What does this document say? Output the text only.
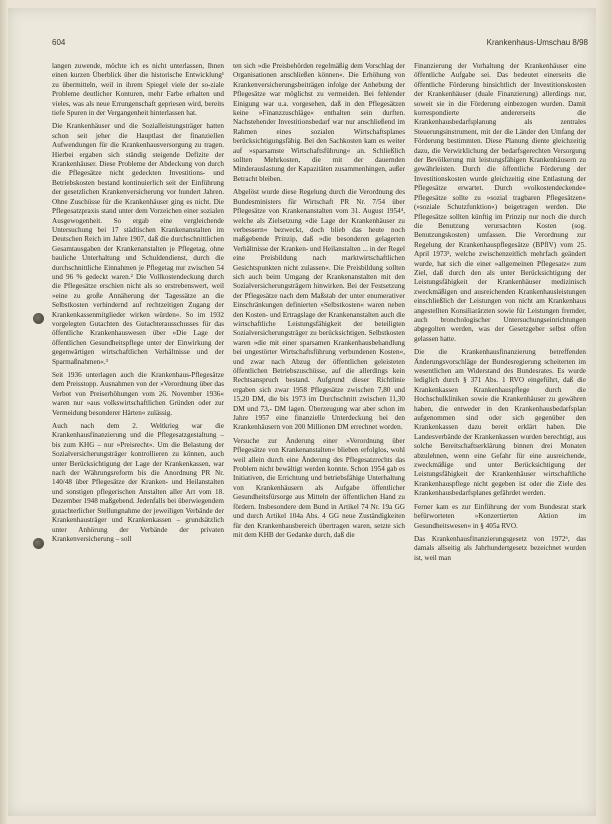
604	Krankenhaus-Umschau 8/98

langen zuwende, möchte ich es nicht unterlassen, Ihnen einen kurzen Überblick über die historische Entwicklung¹ zu übermitteln, weil in ihrem Spiegel viele der so-ziale Probleme deutlicher Konturen, mehr Farbe erhalten und vieles, was als neue Errungenschaft gepriesen wird, bereits tiefe Spuren in der Vergangenheit hinterlassen hat.

Die Krankenhäuser und die Sozialleistungsträger hatten schon seit jeher die Hauptlast der finanziellen Aufwendungen für die Krankenhausversorgung zu tragen. Hierbei ergaben sich ständig steigende Defizite der Krankenhäuser. Diese Probleme der Abdeckung von durch die Pflegesätze nicht gedeckten Investitions- und Betriebskosten bestand kontinuierlich seit der Einführung der gesetzlichen Krankenversicherung vor hundert Jahren. Ohne Zuschüsse für die Krankenhäuser ging es nicht. Die Pflegesatzpraxis stand unter dem Vorzeichen einer sozialen Ausgewogenheit. So ergab eine vergleichende Untersuchung bei 17 städtischen Krankenanstalten im Deutschen Reich im Jahre 1907, daß die durchschnittlichen Gesamtausgaben der Krankenanstalten je Pflegetag, ohne bauliche Unterhaltung und Schuldendienst, durch die durchschnittliche Einnahmen je Pflegetag nur zwischen 54 und 96 % gedeckt waren.² Die Vollkostendeckung durch die Pflegesätze erschien nicht als so erstrebenswert, weil »eine zu große Annäherung der Tagessätze an die Selbstkosten verhindernd auf rechtzeitigen Zugang der Krankenkassenmitglieder wirken würden«. So im 1932 vorgelegten Gutachten des Gutachterausschusses für das öffentliche Krankenhauswesen über »Die Lage der öffentlichen Gesundheitspflege unter der Einwirkung der gegenwärtigen wirtschaftlichen Verhältnisse und der Sparmaßnahmen«.³

Seit 1936 unterlagen auch die Krankenhaus-Pflegesätze dem Preisstopp. Ausnahmen von der »Verordnung über das Verbot von Preiserhöhungen vom 26. November 1936« waren nur »aus volkswirtschaftlichen Gründen oder zur Vermeidung besonderer Härten« zulässig.

Auch nach dem 2. Weltkrieg war die Krankenhausfinanzierung und die Pflegesatzgestaltung – bis zum KHG – nur »Preisrecht«. Um die Belastung der Sozialversicherungsträger kontrollieren zu können, auch unter Berücksichtigung der Lage der Krankenkassen, war nach der Währungsreform bis die Anordnung PR Nr. 140/48 über Pflegesätze der Kranken- und Heilanstalten und sonstigen pflegerischen Anstalten aller Art vom 18. Dezember 1948 maßgebend. Jedenfalls bei überwiegendem gutachterlicher Stellungnahme der jeweiligen Verbände der Krankenhausträger und Krankenkassen – grundsätzlich unter Anhörung der Verbände der privaten Krankenversicherung – soll

ten sich »die Preisbehörden regelmäßig dem Vorschlag der Organisationen anschließen können«. Die Erhöhung von Krankenversicherungsbeiträgen infolge der Anhebung der Pflegesätze war möglichst zu vermeiden. Bei fehlender Einigung war u.a. vorgesehen, daß in den Pflegesätzen keine »Finanzzuschläge« enthalten sein durften. Nachstehender Investitionsbedarf war nur anschließend im Rahmen eines sozialen Wirtschaftsplanes berücksichtigungsfähig. Bei den Sachkosten kam es weiter auf »sparsamste Wirtschaftsführung« an. Schließlich sollten Mehrkosten, die mit der dauernden Minderauslastung der Kapazitäten zusammenhingen, außer Betracht bleiben.

Abgelöst wurde diese Regelung durch die Verordnung des Bundesministers für Wirtschaft PR Nr. 7/54 über Pflegesätze von Krankenanstalten vom 31. August 1954⁴, welche als Zielsetzung »die Lage der Krankenhäuser zu verbessern« bezweckt, doch blieb das heute noch maßgebende Prinzip, daß »die besonderen gelagerten Verhältnisse der Kranken- und Heilanstalten ... in der Regel eine Preisbildung nach marktwirtschaftlichen Gesichtspunkten nicht zulassen«. Die Preisbildung sollten sich auch beim Umgang der Krankenanstalten mit den Sozialversicherungsträgern hinwirken. Bei der Festsetzung der Pflegesätze nach dem Maßstab der unter enumerativer Einschränkungen definierten »Selbstkosten« waren neben den Kosten- und Ertragslage der Krankenanstalten auch die wirtschaftliche Leistungsfähigkeit der beteiligten Sozialversicherungsträger zu berücksichtigen. Selbstkosten waren »die mit einer sparsamen Krankenhausbehandlung bei ungestörter Wirtschaftsführung verbundenen Kosten«, und zwar nach Abzug der öffentlichen geleisteten öffentlichen Betriebszuschüsse, auf die allerdings kein Rechtsanspruch bestand. Aufgrund dieser Richtlinie ergaben sich zwar 1958 Pflegesätze zwischen 7,80 und 15,20 DM, die bis 1973 im Durchschnitt zwischen 11,30 DM und 73,- DM lagen. Überzeugung war aber schon im Jahre 1957 eine finanzielle Unterdeckung bei den Krankenhäusern von 200 Millionen DM errechnet worden.

Versuche zur Änderung einer »Verordnung über Pflegesätze von Krankenanstalten« blieben erfolglos, wohl weil allein durch eine Änderung des Pflegesatzrechts das Problem nicht bewältigt werden konnte. Schon 1954 gab es Initiativen, die Errichtung und betriebsfähige Unterhaltung von Krankenhäusern als Aufgabe öffentlicher Gesundheitsfürsorge aus Mitteln der öffentlichen Hand zu fördern. Insbesondere dem Bund in Artikel 74 Nr. 19a GG und durch Artikel 104a Abs. 4 GG neue Zuständigkeiten für den Krankenhausbereich übertragen waren, setzte sich mit dem KHB der Gedanke durch, daß die

Finanzierung der Vorhaltung der Krankenhäuser eine öffentliche Aufgabe sei. Das bedeutet einerseits die öffentliche Förderung hinsichtlich der Investitionskosten der Krankenhäuser (duale Finanzierung) allerdings nur, soweit sie in die Förderung einbezogen wurden. Damit korrespondierte andererseits die Krankenhausbedarfsplanung als zentrales Steuerungsinstrument, mit der die Länder den Umfang der Förderung bestimmten. Diese Planung diente gleichzeitig dazu, die Verwirklichung der bedarfsgerechten Versorgung der Bevölkerung mit leistungsfähigen Krankenhäusern zu gewährleisten. Durch die öffentliche Förderung der Investitionskosten wurde gleichzeitig eine Entlastung der Pflegesätze erwartet. Durch »volkostendeckende« Pflegesätze sollte zu »sozial tragbaren Pflegesätzen« (»soziale Schutzfunktion«) beigetragen werden. Die Pflegesätze sollten künftig im Prinzip nur noch die durch die Benutzung verursachten Kosten (sog. Benutzungskosten) umfassen. Die Verordnung zur Regelung der Krankenhauspflegesätze (BPflV) vom 25. April 1973⁵, welche zwischenzeitlich mehrfach geändert wurde, hat sich die einer »allgemeinen Pflegesatz« zum Ziel, daß durch den als unter Berücksichtigung der Leistungsfähigkeit der Krankenhäuser medizinisch zweckmäßigen und ausreichenden Krankenhausleistungen einschließlich der Leistungen von nicht am Krankenhaus angestellten Konsiliarärzten sowie für Leistungen fremder, auch bronchologischer Untersuchungseinrichtungen abgegolten werden, was der Gesetzgeber selbst offen gelassen hatte.

Die die Krankenhausfinanzierung betreffenden Änderungsvorschläge der Bundesregierung scheiterten im wesentlichen am Widerstand des Bundesrates. Es wurde lediglich durch § 371 Abs. 1 RVO eingeführt, daß die Krankenkassen Krankenhauspflege durch die Hochschulkliniken sowie die Krankenhäuser zu gewähren haben, die entweder in den Krankenhausbedarfsplan aufgenommen sind oder sich gegenüber den Krankenkassen dazu bereit erklärt haben. Die Landesverbände der Krankenkassen wurden berechtigt, aus solche Bereitschaftserklärung binnen drei Monaten abzulehnen, wenn eine Gefahr für eine ausreichende, zweckmäßige und unter Berücksichtigung der Leistungsfähigkeit der Krankenhäuser wirtschaftliche Krankenhauspflege nicht gegeben ist oder die Ziele des Krankenhausbedarfsplanes gefährdet werden.

Ferner kam es zur Einführung der vom Bundesrat stark befürworteten »Konzertierten Aktion im Gesundheitswesen« in § 405a RVO.

Das Krankenhausfinanzierungsgesetz von 1972⁶, das damals allseitig als Jahrhundertgesetz bezeichnet wurden ist, weil man
